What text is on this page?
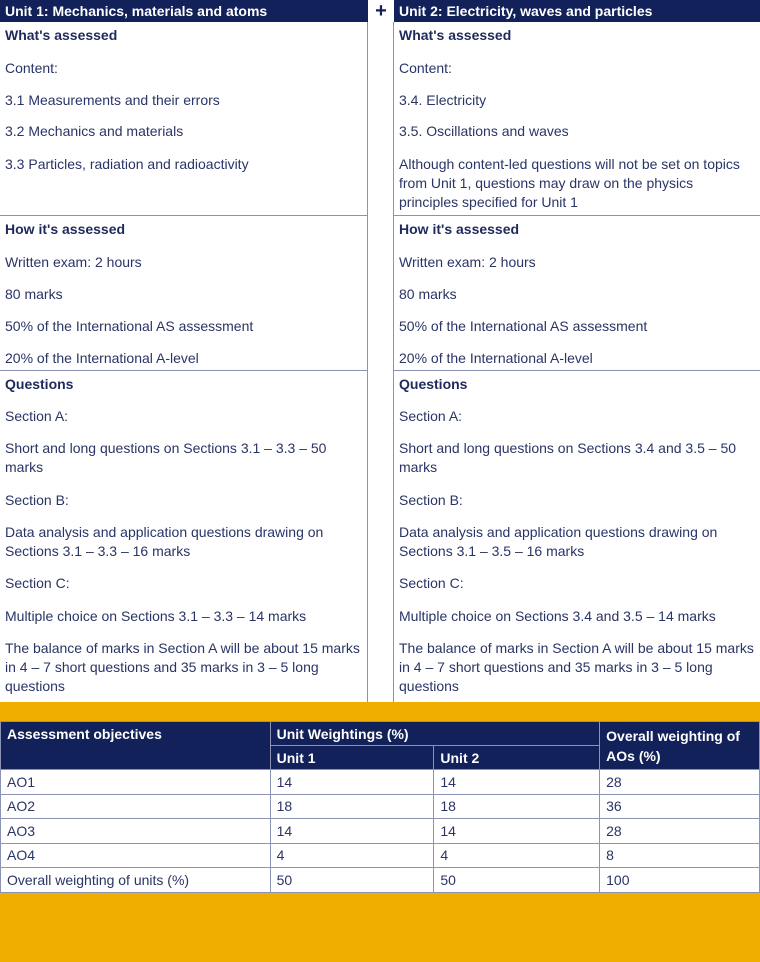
Unit 1: Mechanics, materials and atoms
What's assessed
Content:
3.1 Measurements and their errors
3.2 Mechanics and materials
3.3 Particles, radiation and radioactivity
How it's assessed
Written exam: 2 hours
80 marks
50% of the International AS assessment
20% of the International A-level
Questions
Section A:
Short and long questions on Sections 3.1 – 3.3 – 50 marks
Section B:
Data analysis and application questions drawing on Sections 3.1 – 3.3 – 16 marks
Section C:
Multiple choice on Sections 3.1 – 3.3 – 14 marks
The balance of marks in Section A will be about 15 marks in 4 – 7 short questions and 35 marks in 3 – 5 long questions
+ Unit 2: Electricity, waves and particles
What's assessed
Content:
3.4. Electricity
3.5. Oscillations and waves
Although content-led questions will not be set on topics from Unit 1, questions may draw on the physics principles specified for Unit 1
How it's assessed
Written exam: 2 hours
80 marks
50% of the International AS assessment
20% of the International A-level
Questions
Section A:
Short and long questions on Sections 3.4 and 3.5 – 50 marks
Section B:
Data analysis and application questions drawing on Sections 3.1 – 3.5 – 16 marks
Section C:
Multiple choice on Sections 3.4 and 3.5 – 14 marks
The balance of marks in Section A will be about 15 marks in 4 – 7 short questions and 35 marks in 3 – 5 long questions
Assessment objectives	Unit Weightings (%)		Overall weighting of AOs (%)
	Unit 1	Unit 2	
AO1	14	14	28
AO2	18	18	36
AO3	14	14	28
AO4	4	4	8
Overall weighting of units (%)	50	50	100
